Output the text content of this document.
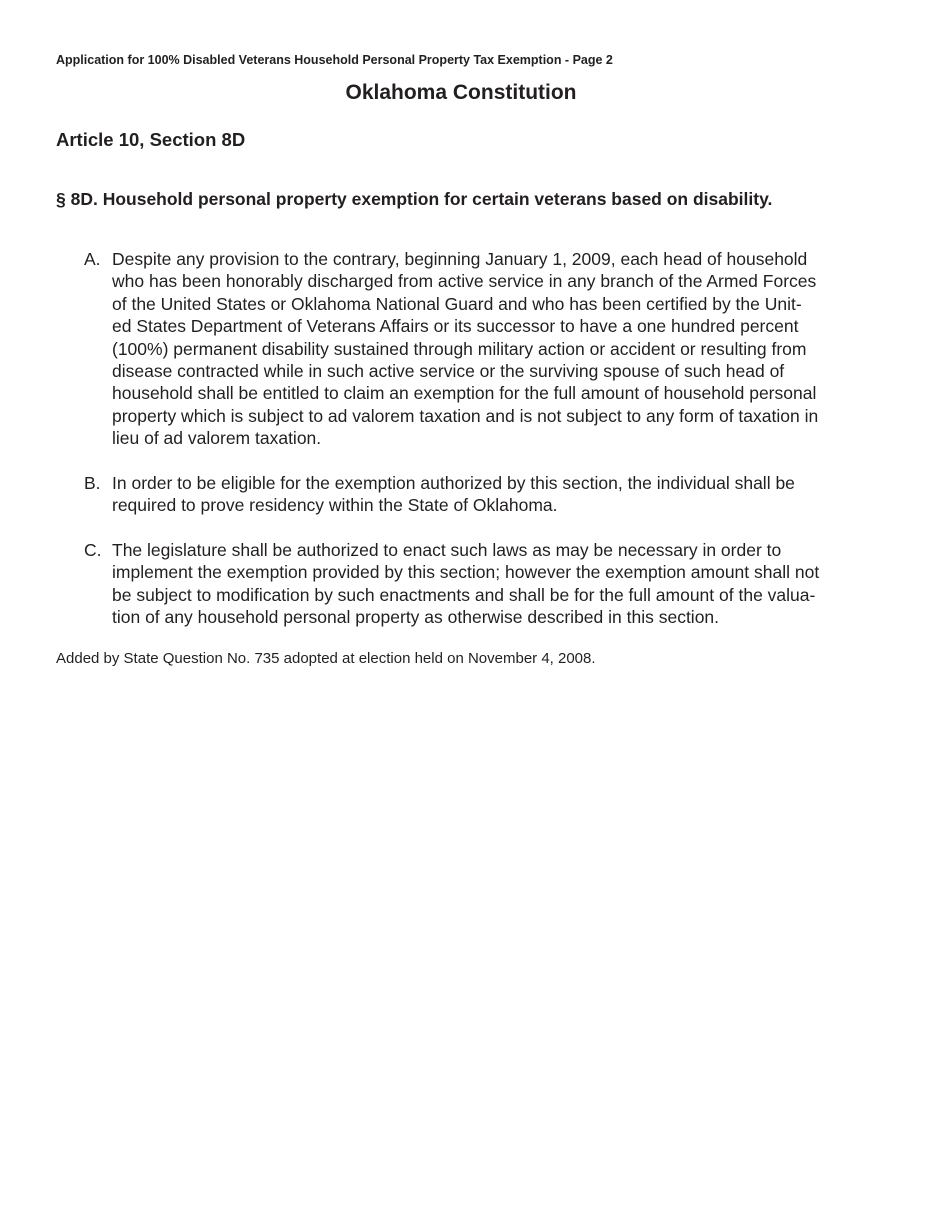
Application for 100% Disabled Veterans Household Personal Property Tax Exemption - Page 2
Oklahoma Constitution
Article 10, Section 8D
§ 8D. Household personal property exemption for certain veterans based on disability.
A. Despite any provision to the contrary, beginning January 1, 2009, each head of household
who has been honorably discharged from active service in any branch of the Armed Forces
of the United States or Oklahoma National Guard and who has been certified by the Unit-
ed States Department of Veterans Affairs or its successor to have a one hundred percent
(100%) permanent disability sustained through military action or accident or resulting from
disease contracted while in such active service or the surviving spouse of such head of
household shall be entitled to claim an exemption for the full amount of household personal
property which is subject to ad valorem taxation and is not subject to any form of taxation in
lieu of ad valorem taxation.
B. In order to be eligible for the exemption authorized by this section, the individual shall be
required to prove residency within the State of Oklahoma.
C. The legislature shall be authorized to enact such laws as may be necessary in order to
implement the exemption provided by this section; however the exemption amount shall not
be subject to modification by such enactments and shall be for the full amount of the valua-
tion of any household personal property as otherwise described in this section.
Added by State Question No. 735 adopted at election held on November 4, 2008.
